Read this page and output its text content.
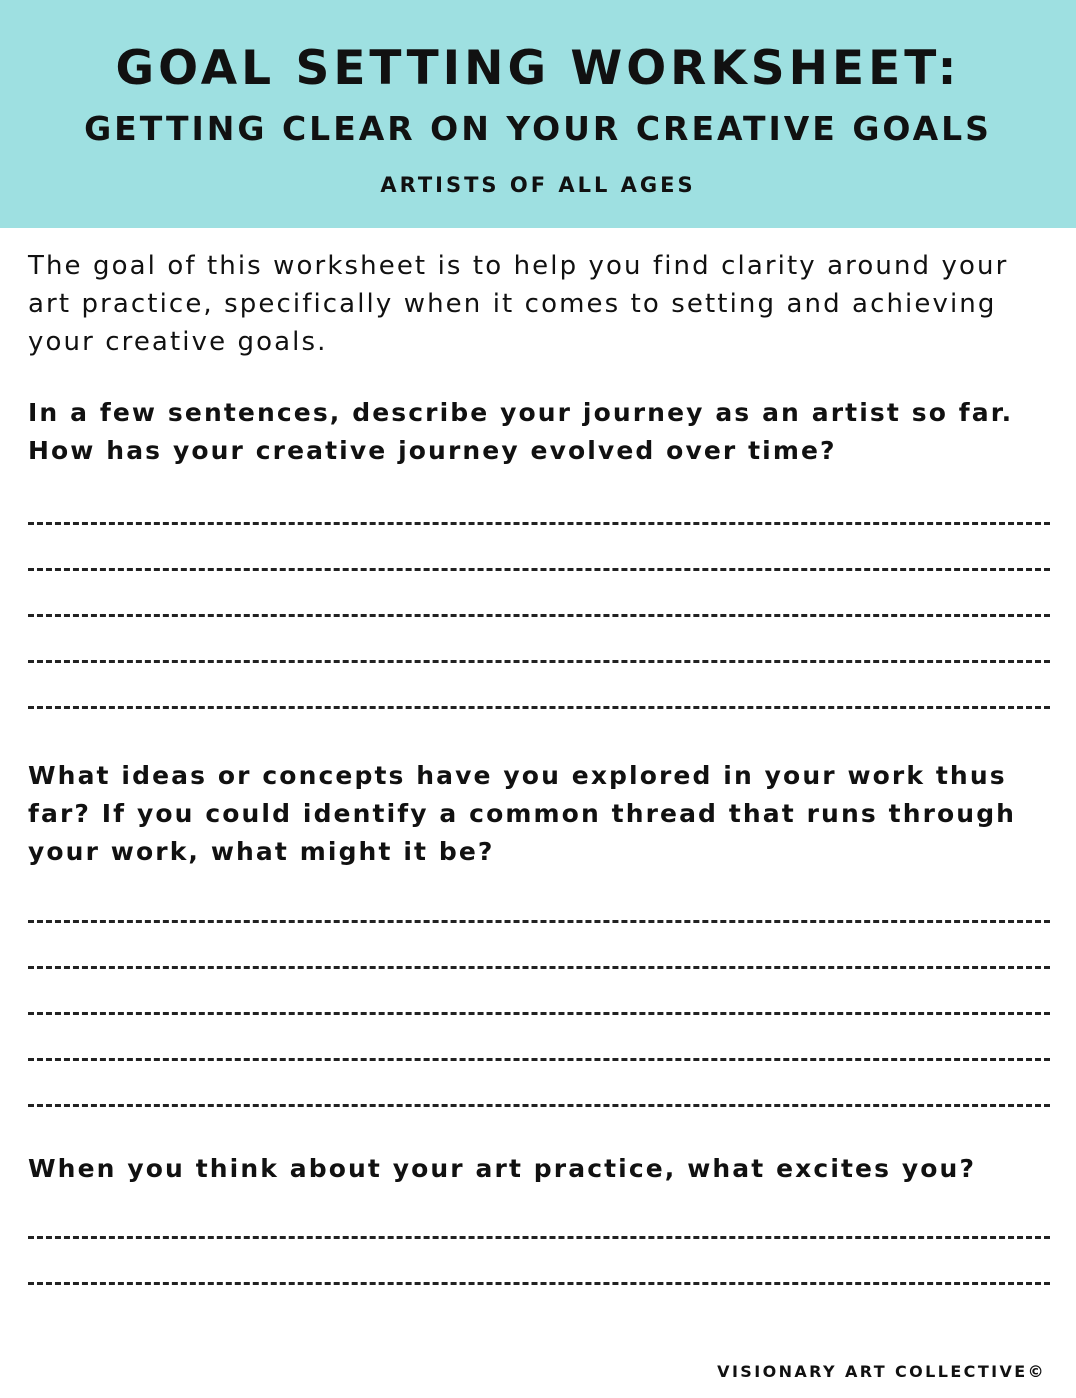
GOAL SETTING WORKSHEET:
GETTING CLEAR ON YOUR CREATIVE GOALS
ARTISTS OF ALL AGES

The goal of this worksheet is to help you find clarity around your art practice, specifically when it comes to setting and achieving your creative goals.

In a few sentences, describe your journey as an artist so far. How has your creative journey evolved over time?

What ideas or concepts have you explored in your work thus far? If you could identify a common thread that runs through your work, what might it be?

When you think about your art practice, what excites you?

VISIONARY ART COLLECTIVE©
